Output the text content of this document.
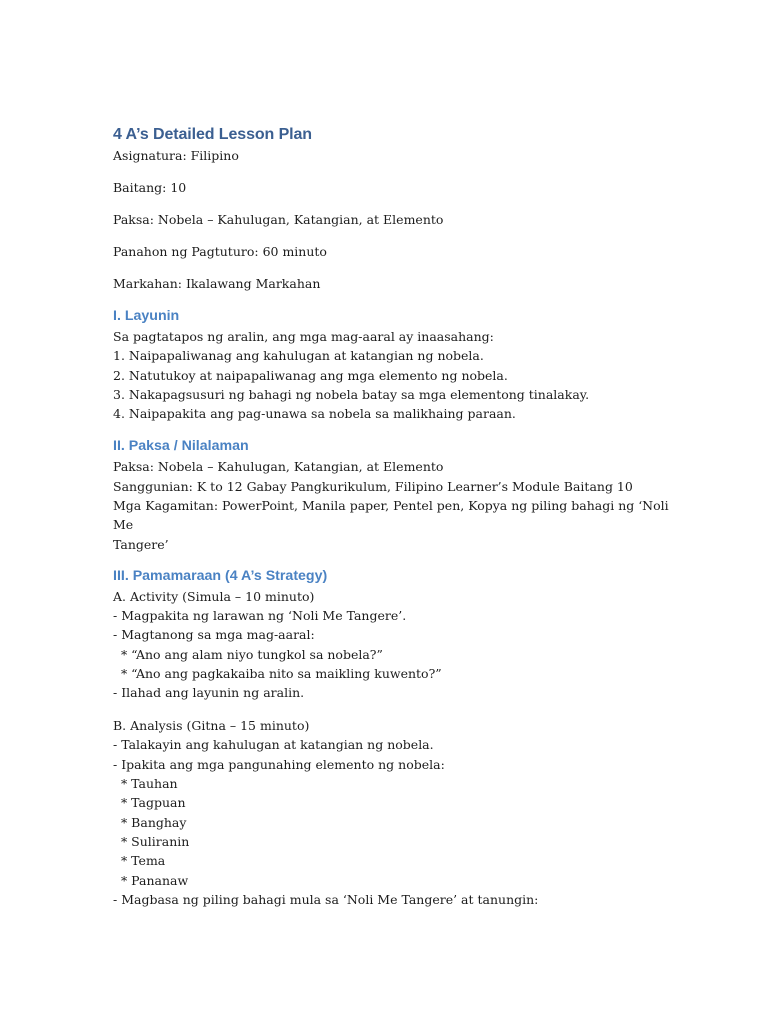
4 A’s Detailed Lesson Plan

Asignatura: Filipino

Baitang: 10

Paksa: Nobela – Kahulugan, Katangian, at Elemento

Panahon ng Pagtuturo: 60 minuto

Markahan: Ikalawang Markahan

I. Layunin

Sa pagtatapos ng aralin, ang mga mag-aaral ay inaasahang:

1. Naipapaliwanag ang kahulugan at katangian ng nobela.

2. Natutukoy at naipapaliwanag ang mga elemento ng nobela.

3. Nakapagsusuri ng bahagi ng nobela batay sa mga elementong tinalakay.

4. Naipapakita ang pag-unawa sa nobela sa malikhaing paraan.

II. Paksa / Nilalaman

Paksa: Nobela – Kahulugan, Katangian, at Elemento

Sanggunian: K to 12 Gabay Pangkurikulum, Filipino Learner’s Module Baitang 10

Mga Kagamitan: PowerPoint, Manila paper, Pentel pen, Kopya ng piling bahagi ng ‘Noli Me

Tangere’

III. Pamamaraan (4 A’s Strategy)

A. Activity (Simula – 10 minuto)

- Magpakita ng larawan ng ‘Noli Me Tangere’.

- Magtanong sa mga mag-aaral:

* “Ano ang alam niyo tungkol sa nobela?”

* “Ano ang pagkakaiba nito sa maikling kuwento?”

- Ilahad ang layunin ng aralin.

B. Analysis (Gitna – 15 minuto)

- Talakayin ang kahulugan at katangian ng nobela.

- Ipakita ang mga pangunahing elemento ng nobela:

* Tauhan

* Tagpuan

* Banghay

* Suliranin

* Tema

* Pananaw

- Magbasa ng piling bahagi mula sa ‘Noli Me Tangere’ at tanungin:
